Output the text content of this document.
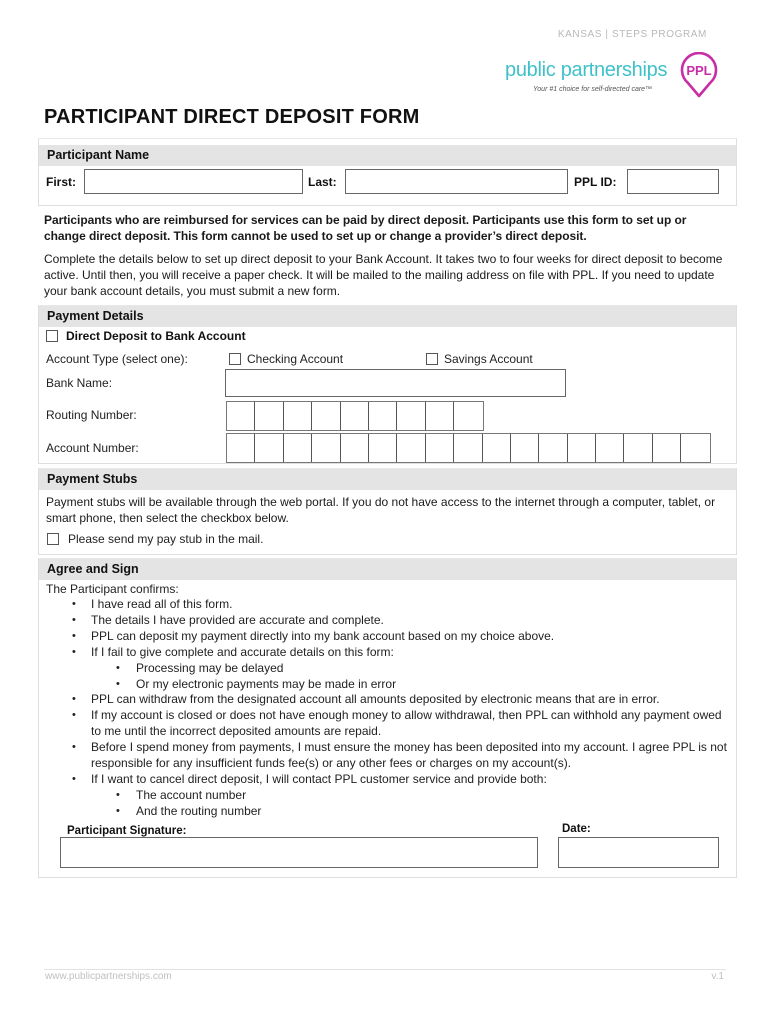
KANSAS | STEPS PROGRAM
public partnerships
Your #1 choice for self-directed care™
PPL
PARTICIPANT DIRECT DEPOSIT FORM
Participant Name
First:	Last:	PPL ID:
Participants who are reimbursed for services can be paid by direct deposit. Participants use this form to set up or change direct deposit. This form cannot be used to set up or change a provider’s direct deposit.
Complete the details below to set up direct deposit to your Bank Account. It takes two to four weeks for direct deposit to become active. Until then, you will receive a paper check. It will be mailed to the mailing address on file with PPL. If you need to update your bank account details, you must submit a new form.
Payment Details
Direct Deposit to Bank Account
Account Type (select one):	Checking Account	Savings Account
Bank Name:
Routing Number:
Account Number:
Payment Stubs
Payment stubs will be available through the web portal. If you do not have access to the internet through a computer, tablet, or smart phone, then select the checkbox below.
Please send my pay stub in the mail.
Agree and Sign
The Participant confirms:
• I have read all of this form.
• The details I have provided are accurate and complete.
• PPL can deposit my payment directly into my bank account based on my choice above.
• If I fail to give complete and accurate details on this form:
• Processing may be delayed
• Or my electronic payments may be made in error
• PPL can withdraw from the designated account all amounts deposited by electronic means that are in error.
• If my account is closed or does not have enough money to allow withdrawal, then PPL can withhold any payment owed to me until the incorrect deposited amounts are repaid.
• Before I spend money from payments, I must ensure the money has been deposited into my account. I agree PPL is not responsible for any insufficient funds fee(s) or any other fees or charges on my account(s).
• If I want to cancel direct deposit, I will contact PPL customer service and provide both:
• The account number
• And the routing number
Participant Signature:	Date:
www.publicpartnerships.com	v.1
